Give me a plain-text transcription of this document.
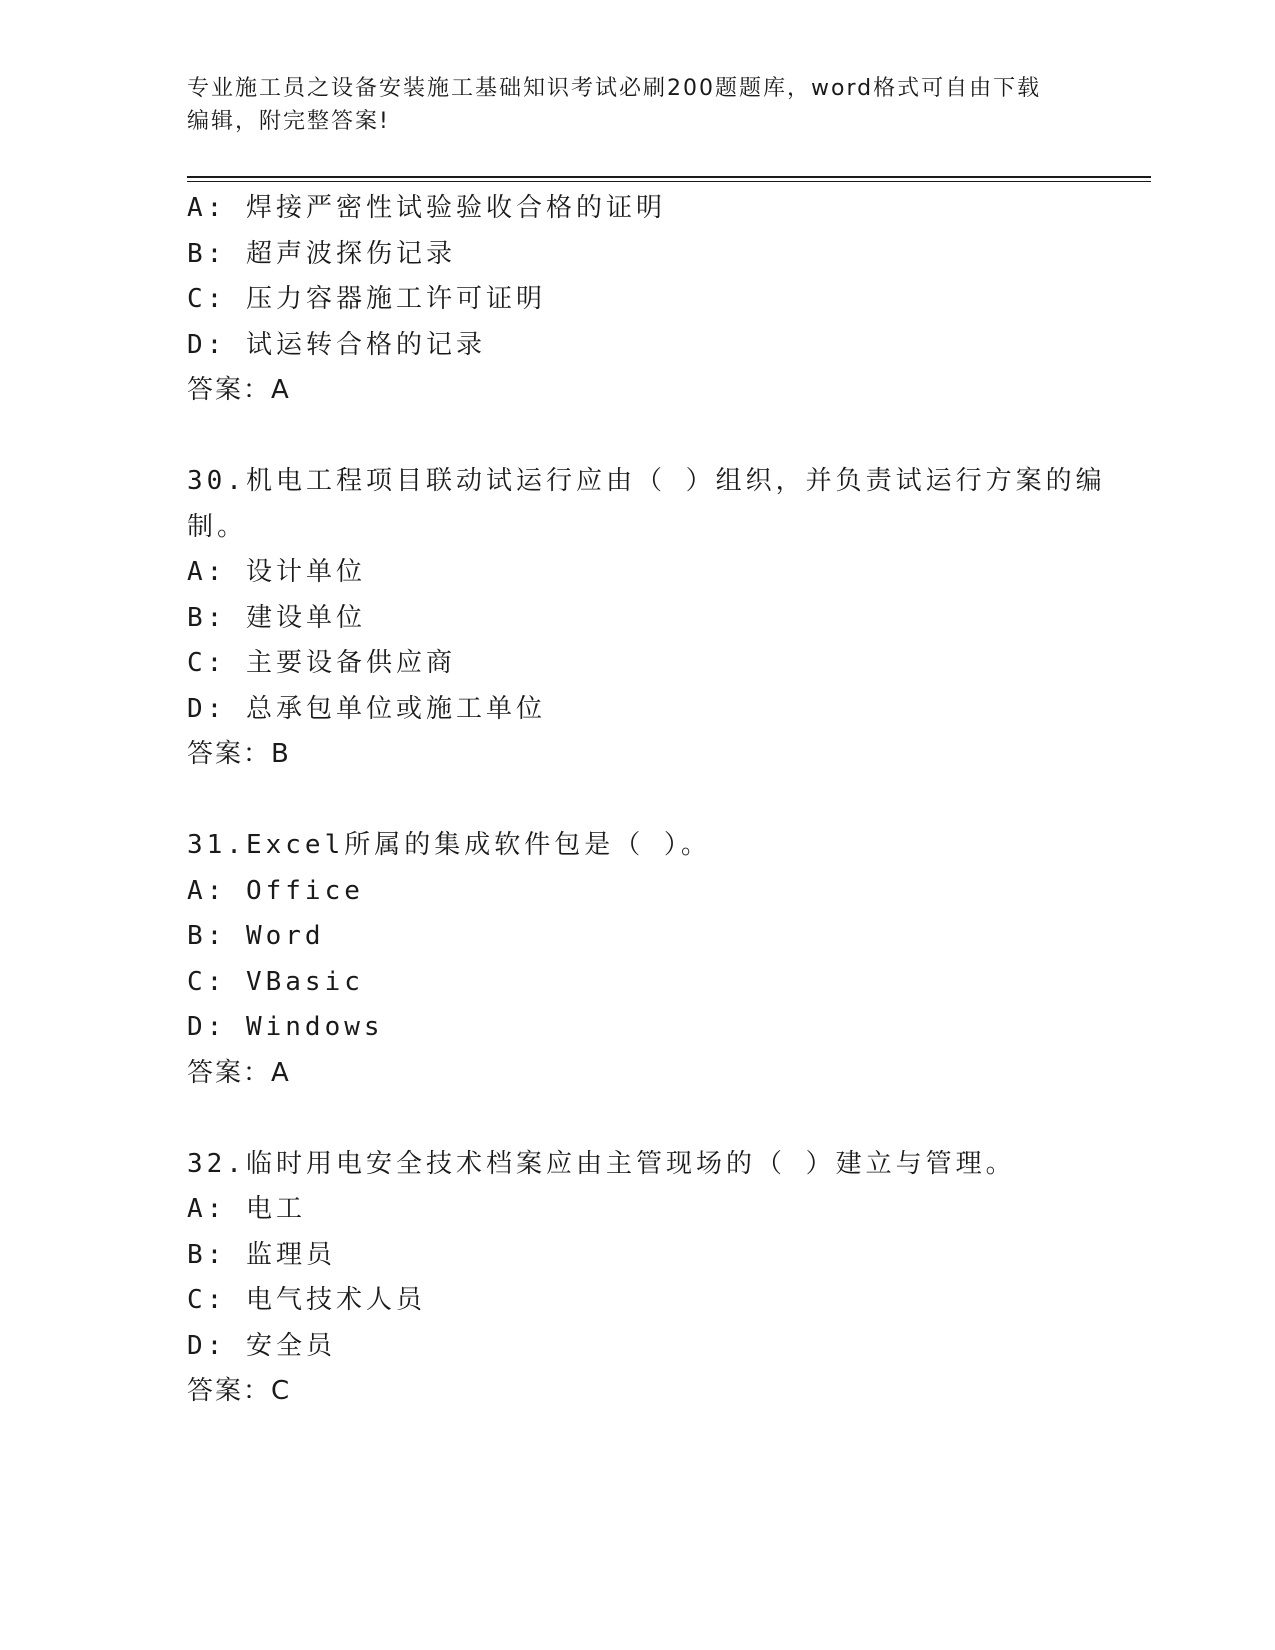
专业施工员之设备安装施工基础知识考试必刷200题题库，word格式可自由下载
编辑，附完整答案!
A: 焊接严密性试验验收合格的证明
B: 超声波探伤记录
C: 压力容器施工许可证明
D: 试运转合格的记录
答案：A
30.机电工程项目联动试运行应由（ ）组织，并负责试运行方案的编
制。
A: 设计单位
B: 建设单位
C: 主要设备供应商
D: 总承包单位或施工单位
答案：B
31.Excel所属的集成软件包是（ ）。
A: Office
B: Word
C: VBasic
D: Windows
答案：A
32.临时用电安全技术档案应由主管现场的（ ）建立与管理。
A: 电工
B: 监理员
C: 电气技术人员
D: 安全员
答案：C
